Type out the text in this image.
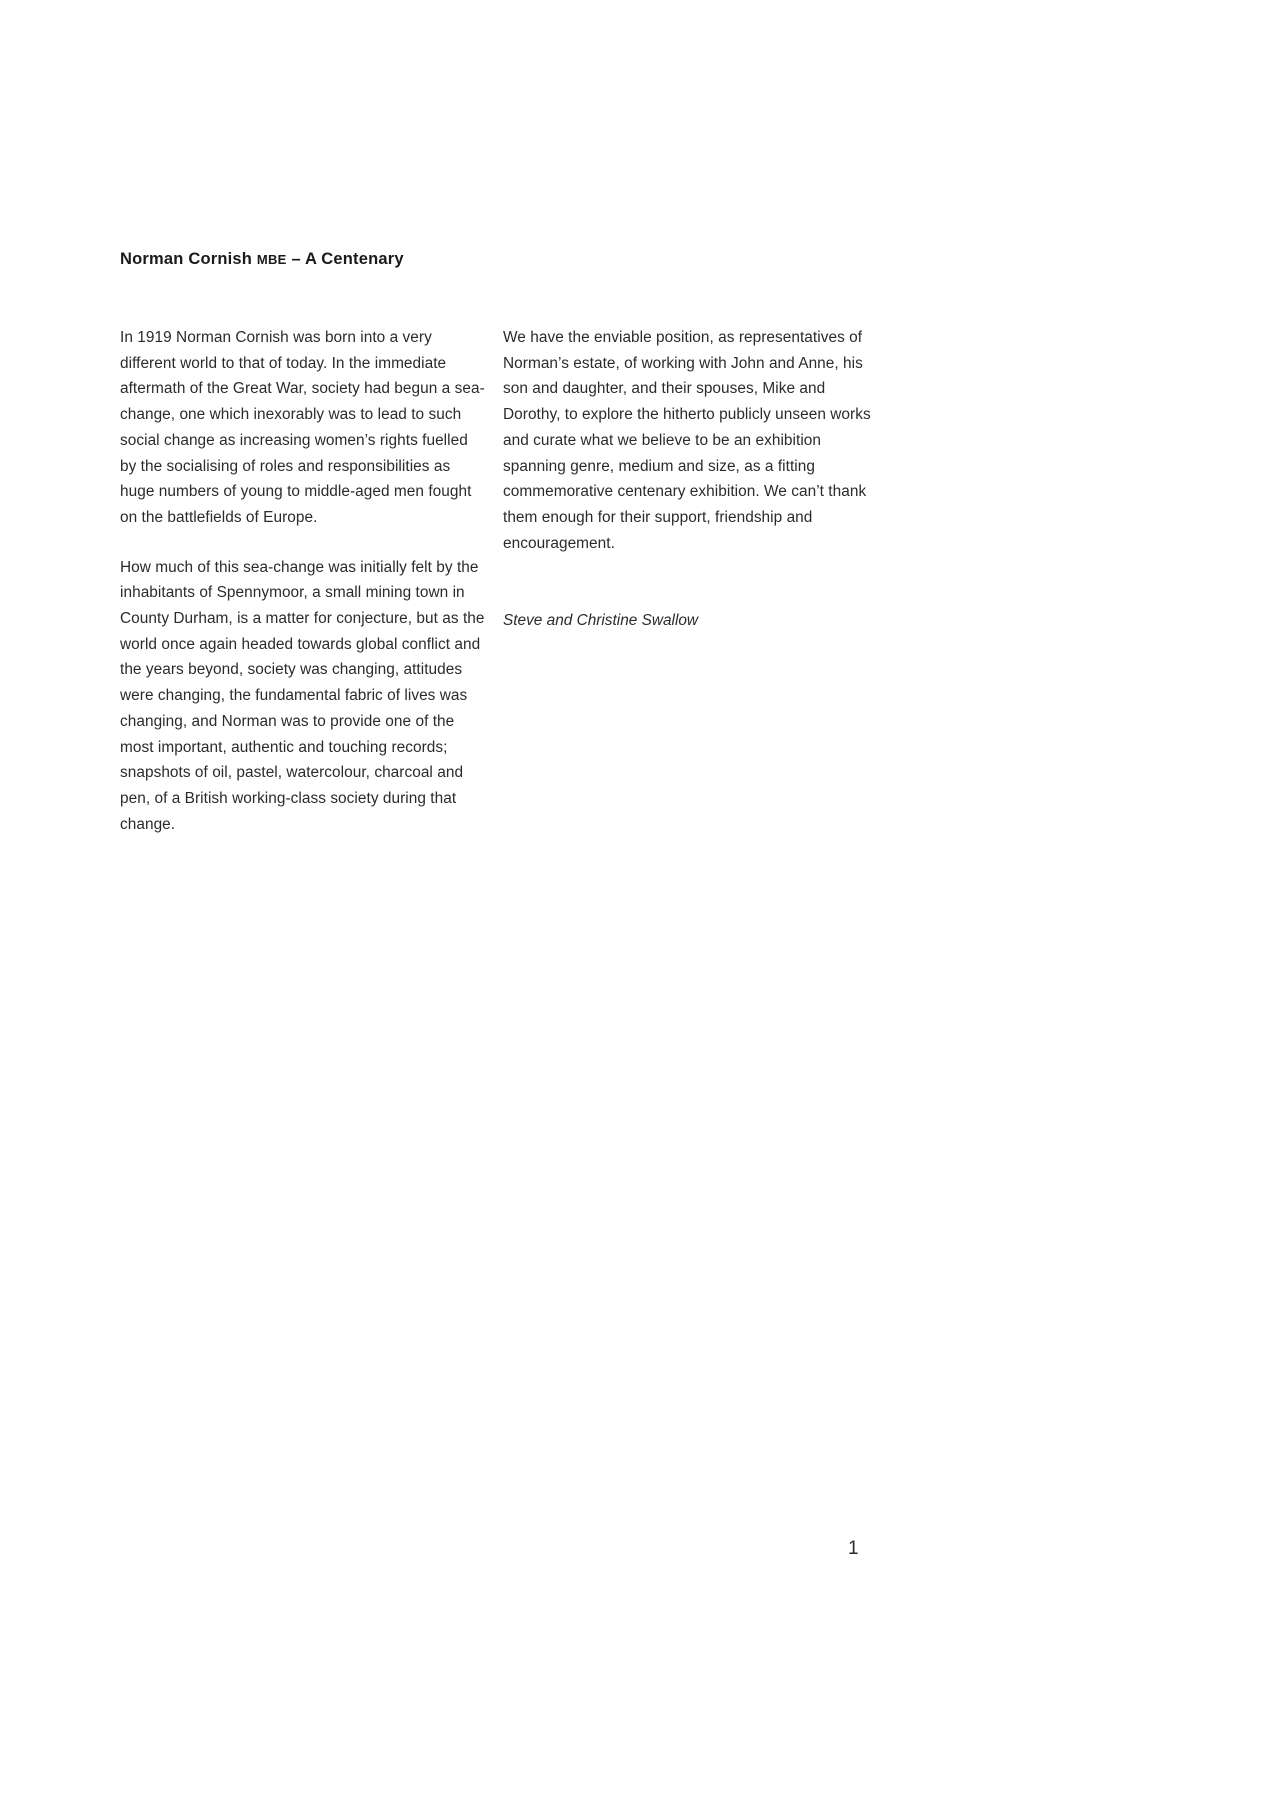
Norman Cornish MBE – A Centenary

In 1919 Norman Cornish was born into a very different world to that of today. In the immediate aftermath of the Great War, society had begun a sea-change, one which inexorably was to lead to such social change as increasing women’s rights fuelled by the socialising of roles and responsibilities as huge numbers of young to middle-aged men fought on the battlefields of Europe.

How much of this sea-change was initially felt by the inhabitants of Spennymoor, a small mining town in County Durham, is a matter for conjecture, but as the world once again headed towards global conflict and the years beyond, society was changing, attitudes were changing, the fundamental fabric of lives was changing, and Norman was to provide one of the most important, authentic and touching records; snapshots of oil, pastel, watercolour, charcoal and pen, of a British working-class society during that change.

We have the enviable position, as representatives of Norman’s estate, of working with John and Anne, his son and daughter, and their spouses, Mike and Dorothy, to explore the hitherto publicly unseen works and curate what we believe to be an exhibition spanning genre, medium and size, as a fitting commemorative centenary exhibition. We can’t thank them enough for their support, friendship and encouragement.

Steve and Christine Swallow

1
